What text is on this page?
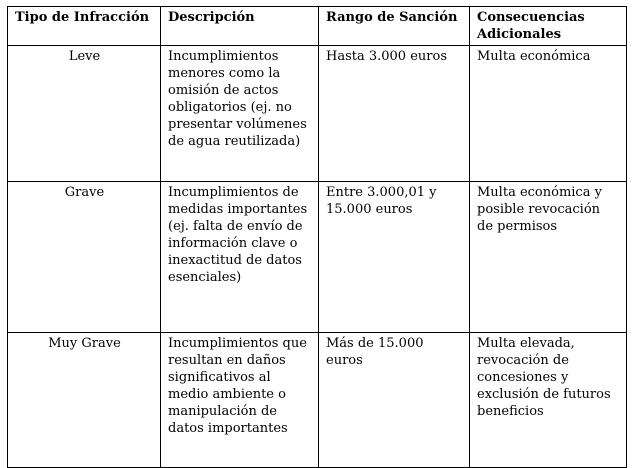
Tipo de Infracción	Descripción	Rango de Sanción	Consecuencias Adicionales
Leve	Incumplimientos menores como la omisión de actos obligatorios (ej. no presentar volúmenes de agua reutilizada)	Hasta 3.000 euros	Multa económica
Grave	Incumplimientos de medidas importantes (ej. falta de envío de información clave o inexactitud de datos esenciales)	Entre 3.000,01 y 15.000 euros	Multa económica y posible revocación de permisos
Muy Grave	Incumplimientos que resultan en daños significativos al medio ambiente o manipulación de datos importantes	Más de 15.000 euros	Multa elevada, revocación de concesiones y exclusión de futuros beneficios
